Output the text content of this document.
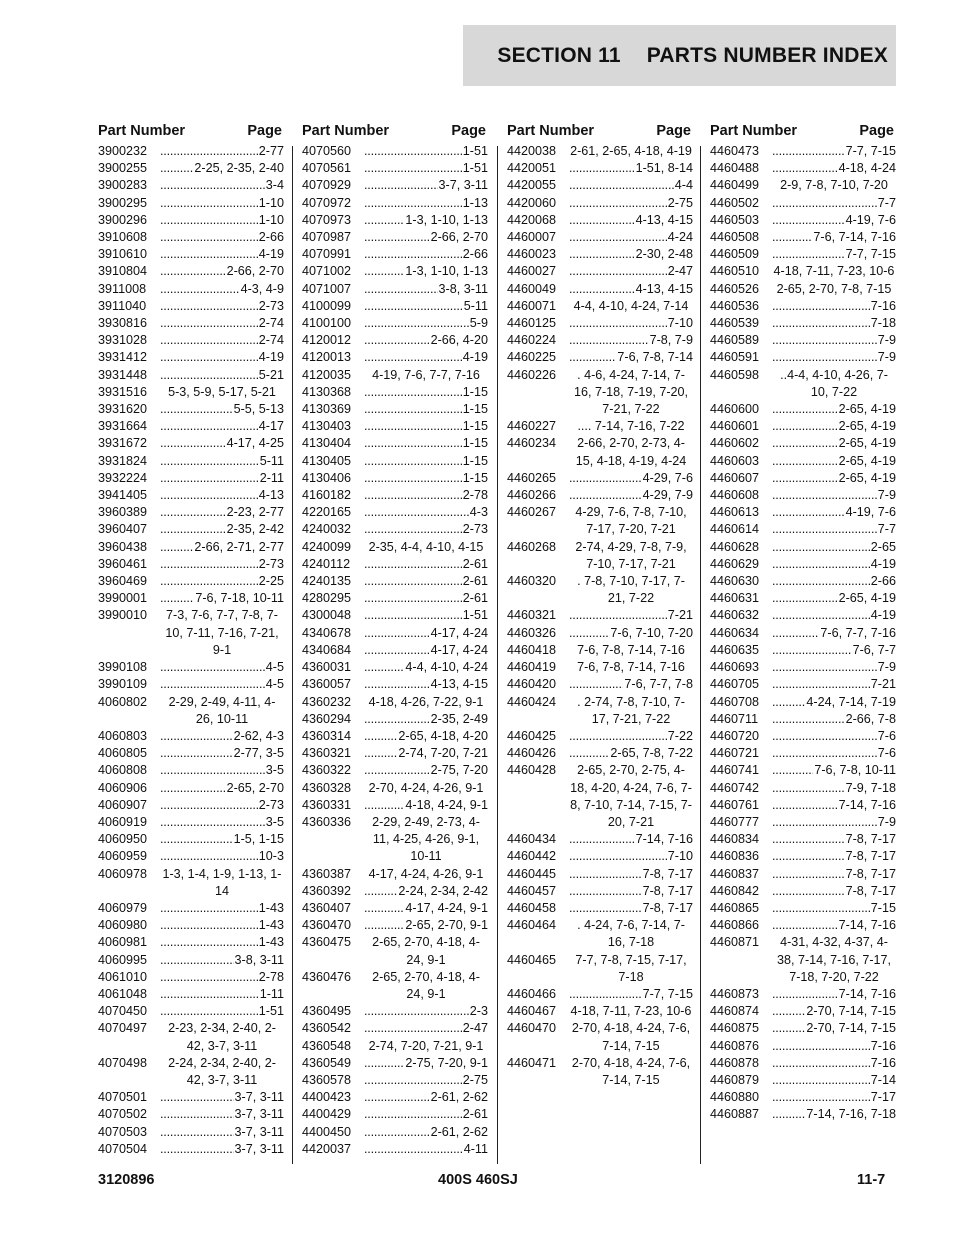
SECTION 11 PARTS NUMBER INDEX
Part Number	Page
3900232	..... 2-77
3900255	..... 2-25, 2-35, 2-40
3900283	..... 3-4
3900295	..... 1-10
3900296	..... 1-10
3910608	..... 2-66
3910610	..... 4-19
3910804	..... 2-66, 2-70
3911008	..... 4-3, 4-9
3911040	..... 2-73
3930816	..... 2-74
3931028	..... 2-74
3931412	..... 4-19
3931448	..... 5-21
3931516	5-3, 5-9, 5-17, 5-21
3931620	..... 5-5, 5-13
3931664	..... 4-17
3931672	..... 4-17, 4-25
3931824	..... 5-11
3932224	..... 2-11
3941405	..... 4-13
3960389	..... 2-23, 2-77
3960407	..... 2-35, 2-42
3960438	..... 2-66, 2-71, 2-77
3960461	..... 2-73
3960469	..... 2-25
3990001	..... 7-6, 7-18, 10-11
3990010	7-3, 7-6, 7-7, 7-8, 7-10, 7-11, 7-16, 7-21, 9-1
3990108	..... 4-5
3990109	..... 4-5
4060802	2-29, 2-49, 4-11, 4-26, 10-11
4060803	..... 2-62, 4-3
4060805	..... 2-77, 3-5
4060808	..... 3-5
4060906	..... 2-65, 2-70
4060907	..... 2-73
4060919	..... 3-5
4060950	..... 1-5, 1-15
4060959	..... 10-3
4060978	1-3, 1-4, 1-9, 1-13, 1-14
4060979	..... 1-43
4060980	..... 1-43
4060981	..... 1-43
4060995	..... 3-8, 3-11
4061010	..... 2-78
4061048	..... 1-11
4070450	..... 1-51
4070497	2-23, 2-34, 2-40, 2-42, 3-7, 3-11
4070498	2-24, 2-34, 2-40, 2-42, 3-7, 3-11
4070501	..... 3-7, 3-11
4070502	..... 3-7, 3-11
4070503	..... 3-7, 3-11
4070504	..... 3-7, 3-11
Part Number	Page
4070560	..... 1-51
4070561	..... 1-51
4070929	..... 3-7, 3-11
4070972	..... 1-13
4070973	..... 1-3, 1-10, 1-13
4070987	..... 2-66, 2-70
4070991	..... 2-66
4071002	..... 1-3, 1-10, 1-13
4071007	..... 3-8, 3-11
4100099	..... 5-11
4100100	..... 5-9
4120012	..... 2-66, 4-20
4120013	..... 4-19
4120035	4-19, 7-6, 7-7, 7-16
4130368	..... 1-15
4130369	..... 1-15
4130403	..... 1-15
4130404	..... 1-15
4130405	..... 1-15
4130406	..... 1-15
4160182	..... 2-78
4220165	..... 4-3
4240032	..... 2-73
4240099	2-35, 4-4, 4-10, 4-15
4240112	..... 2-61
4240135	..... 2-61
4280295	..... 2-61
4300048	..... 1-51
4340678	..... 4-17, 4-24
4340684	..... 4-17, 4-24
4360031	..... 4-4, 4-10, 4-24
4360057	..... 4-13, 4-15
4360232	4-18, 4-26, 7-22, 9-1
4360294	..... 2-35, 2-49
4360314	..... 2-65, 4-18, 4-20
4360321	..... 2-74, 7-20, 7-21
4360322	..... 2-75, 7-20
4360328	2-70, 4-24, 4-26, 9-1
4360331	..... 4-18, 4-24, 9-1
4360336	2-29, 2-49, 2-73, 4-11, 4-25, 4-26, 9-1, 10-11
4360387	4-17, 4-24, 4-26, 9-1
4360392	..... 2-24, 2-34, 2-42
4360407	..... 4-17, 4-24, 9-1
4360470	..... 2-65, 2-70, 9-1
4360475	2-65, 2-70, 4-18, 4-24, 9-1
4360476	2-65, 2-70, 4-18, 4-24, 9-1
4360495	..... 2-3
4360542	..... 2-47
4360548	2-74, 7-20, 7-21, 9-1
4360549	..... 2-75, 7-20, 9-1
4360578	..... 2-75
4400423	..... 2-61, 2-62
4400429	..... 2-61
4400450	..... 2-61, 2-62
4420037	..... 4-11
Part Number	Page
4420038	2-61, 2-65, 4-18, 4-19
4420051	..... 1-51, 8-14
4420055	..... 4-4
4420060	..... 2-75
4420068	..... 4-13, 4-15
4460007	..... 4-24
4460023	..... 2-30, 2-48
4460027	..... 2-47
4460049	..... 4-13, 4-15
4460071	4-4, 4-10, 4-24, 7-14
4460125	..... 7-10
4460224	..... 7-8, 7-9
4460225	..... 7-6, 7-8, 7-14
4460226	. 4-6, 4-24, 7-14, 7-16, 7-18, 7-19, 7-20, 7-21, 7-22
4460227	.... 7-14, 7-16, 7-22
4460234	2-66, 2-70, 2-73, 4-15, 4-18, 4-19, 4-24
4460265	..... 4-29, 7-6
4460266	..... 4-29, 7-9
4460267	4-29, 7-6, 7-8, 7-10, 7-17, 7-20, 7-21
4460268	2-74, 4-29, 7-8, 7-9, 7-10, 7-17, 7-21
4460320	. 7-8, 7-10, 7-17, 7-21, 7-22
4460321	..... 7-21
4460326	..... 7-6, 7-10, 7-20
4460418	7-6, 7-8, 7-14, 7-16
4460419	7-6, 7-8, 7-14, 7-16
4460420	..... 7-6, 7-7, 7-8
4460424	. 2-74, 7-8, 7-10, 7-17, 7-21, 7-22
4460425	..... 7-22
4460426	..... 2-65, 7-8, 7-22
4460428	2-65, 2-70, 2-75, 4-18, 4-20, 4-24, 7-6, 7-8, 7-10, 7-14, 7-15, 7-20, 7-21
4460434	..... 7-14, 7-16
4460442	..... 7-10
4460445	..... 7-8, 7-17
4460457	..... 7-8, 7-17
4460458	..... 7-8, 7-17
4460464	. 4-24, 7-6, 7-14, 7-16, 7-18
4460465	7-7, 7-8, 7-15, 7-17, 7-18
4460466	..... 7-7, 7-15
4460467	4-18, 7-11, 7-23, 10-6
4460470	2-70, 4-18, 4-24, 7-6, 7-14, 7-15
4460471	2-70, 4-18, 4-24, 7-6, 7-14, 7-15
Part Number	Page
4460473	..... 7-7, 7-15
4460488	..... 4-18, 4-24
4460499	2-9, 7-8, 7-10, 7-20
4460502	..... 7-7
4460503	..... 4-19, 7-6
4460508	..... 7-6, 7-14, 7-16
4460509	..... 7-7, 7-15
4460510	4-18, 7-11, 7-23, 10-6
4460526	2-65, 2-70, 7-8, 7-15
4460536	..... 7-16
4460539	..... 7-18
4460589	..... 7-9
4460591	..... 7-9
4460598	..4-4, 4-10, 4-26, 7-10, 7-22
4460600	..... 2-65, 4-19
4460601	..... 2-65, 4-19
4460602	..... 2-65, 4-19
4460603	..... 2-65, 4-19
4460607	..... 2-65, 4-19
4460608	..... 7-9
4460613	..... 4-19, 7-6
4460614	..... 7-7
4460628	..... 2-65
4460629	..... 4-19
4460630	..... 2-66
4460631	..... 2-65, 4-19
4460632	..... 4-19
4460634	..... 7-6, 7-7, 7-16
4460635	..... 7-6, 7-7
4460693	..... 7-9
4460705	..... 7-21
4460708	..... 4-24, 7-14, 7-19
4460711	..... 2-66, 7-8
4460720	..... 7-6
4460721	..... 7-6
4460741	..... 7-6, 7-8, 10-11
4460742	..... 7-9, 7-18
4460761	..... 7-14, 7-16
4460777	..... 7-9
4460834	..... 7-8, 7-17
4460836	..... 7-8, 7-17
4460837	..... 7-8, 7-17
4460842	..... 7-8, 7-17
4460865	..... 7-15
4460866	..... 7-14, 7-16
4460871	4-31, 4-32, 4-37, 4-38, 7-14, 7-16, 7-17, 7-18, 7-20, 7-22
4460873	..... 7-14, 7-16
4460874	..... 2-70, 7-14, 7-15
4460875	..... 2-70, 7-14, 7-15
4460876	..... 7-16
4460878	..... 7-16
4460879	..... 7-14
4460880	..... 7-17
4460887	..... 7-14, 7-16, 7-18
3120896	400S 460SJ	11-7
